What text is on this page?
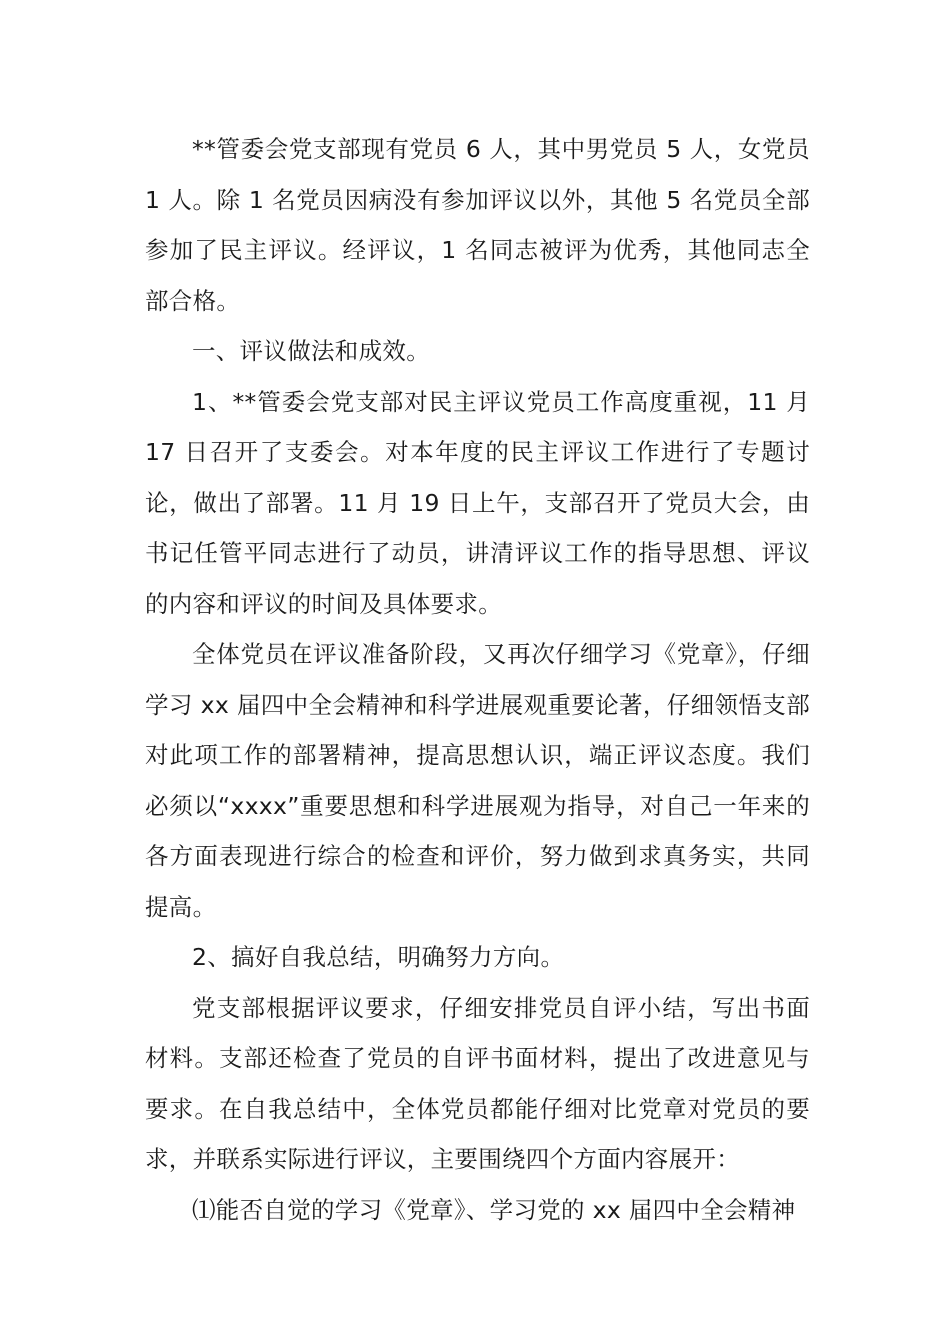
**管委会党支部现有党员 6 人，其中男党员 5 人，女党员 1 人。除 1 名党员因病没有参加评议以外，其他 5 名党员全部参加了民主评议。经评议，1 名同志被评为优秀，其他同志全部合格。

一、评议做法和成效。

1、**管委会党支部对民主评议党员工作高度重视，11 月 17 日召开了支委会。对本年度的民主评议工作进行了专题讨论，做出了部署。11 月 19 日上午，支部召开了党员大会，由书记任管平同志进行了动员，讲清评议工作的指导思想、评议的内容和评议的时间及具体要求。

全体党员在评议准备阶段，又再次仔细学习《党章》，仔细学习 xx 届四中全会精神和科学进展观重要论著，仔细领悟支部对此项工作的部署精神，提高思想认识，端正评议态度。我们必须以“xxxx”重要思想和科学进展观为指导，对自己一年来的各方面表现进行综合的检查和评价，努力做到求真务实，共同提高。

2、搞好自我总结，明确努力方向。

党支部根据评议要求，仔细安排党员自评小结，写出书面材料。支部还检查了党员的自评书面材料，提出了改进意见与要求。在自我总结中，全体党员都能仔细对比党章对党员的要求，并联系实际进行评议，主要围绕四个方面内容展开：

⑴能否自觉的学习《党章》、学习党的 xx 届四中全会精神
